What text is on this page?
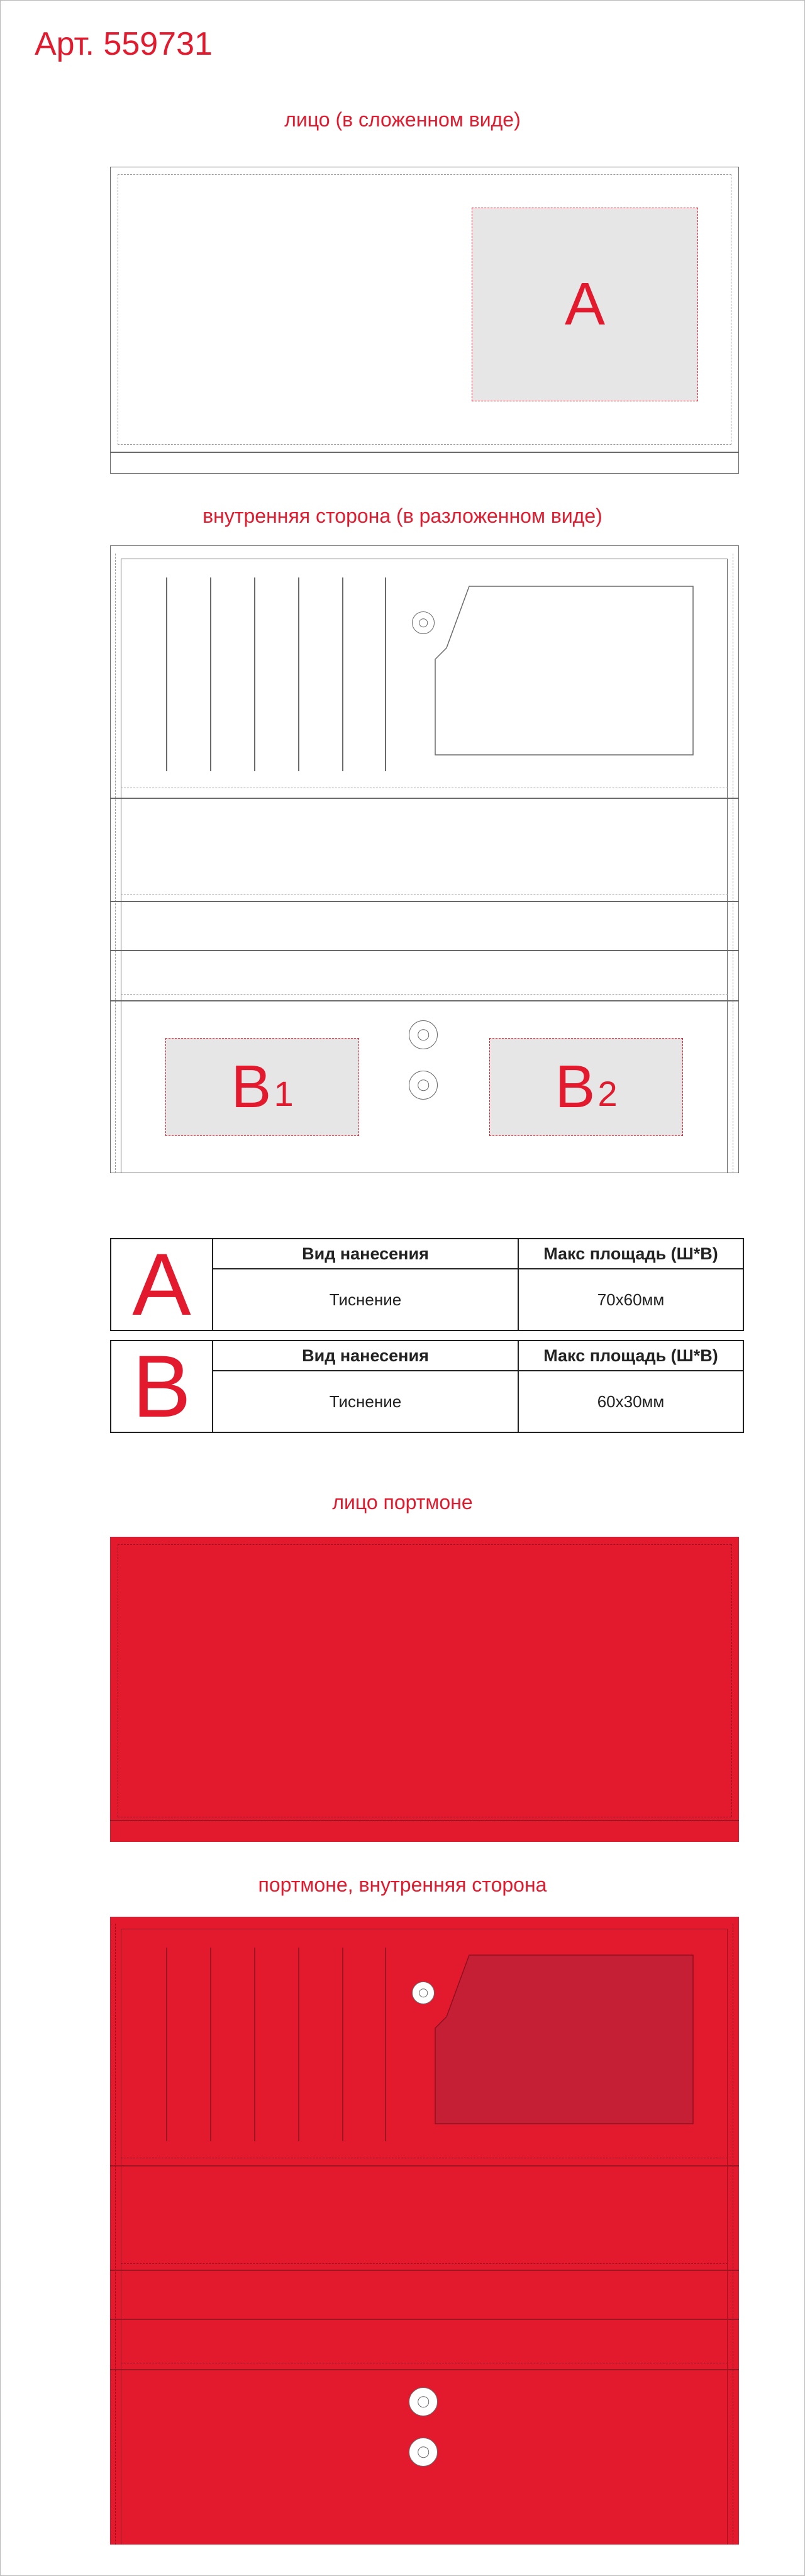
Арт. 559731

лицо (в сложенном виде)

A

внутренняя сторона (в разложенном виде)

$B_1$	$B_2$
A	Вид нанесения	Макс площадь (Ш*В)
	Тиснение	70х60мм
B	Вид нанесения	Макс площадь (Ш*В)
	Тиснение	60х30мм

лицо портмоне

портмоне, внутренняя сторона
